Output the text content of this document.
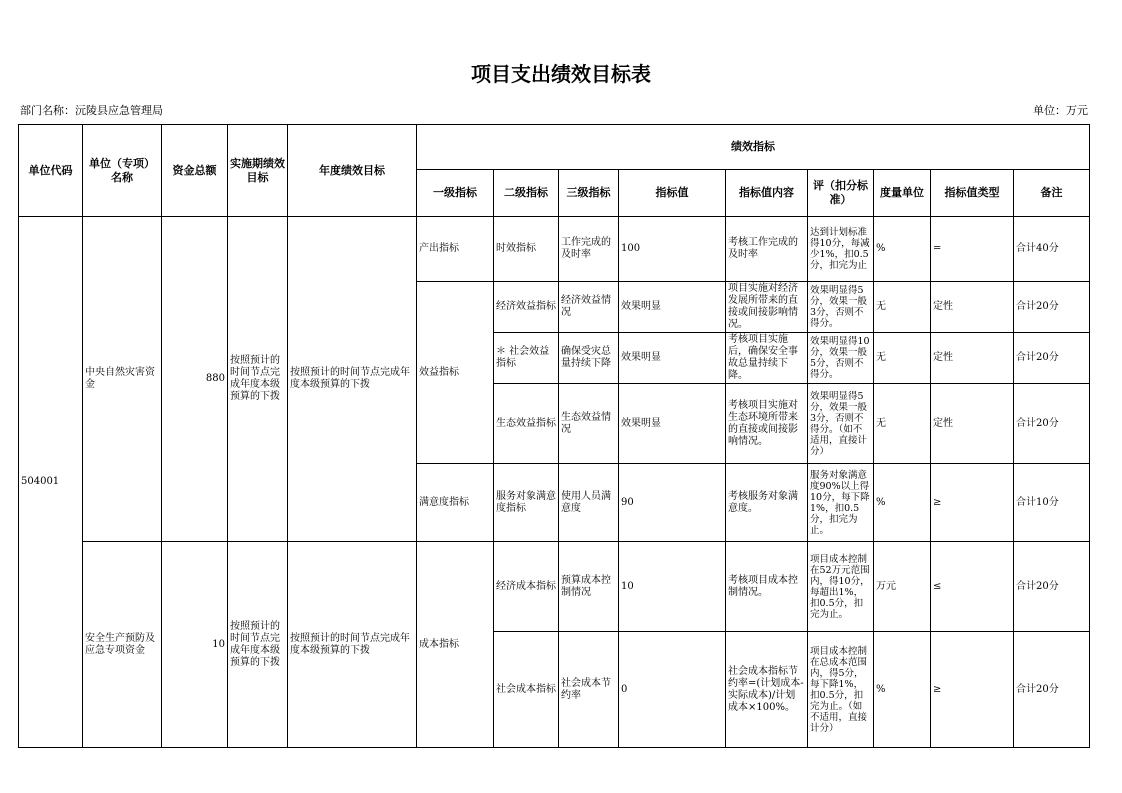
项目支出绩效目标表
部门名称：沅陵县应急管理局	单位：万元
单位代码	单位（专项）名称	资金总额	实施期绩效目标	年度绩效目标	绩效指标								
					一级指标	二级指标	三级指标	指标值	指标值内容	评（扣分标准）	度量单位	指标值类型	备注
504001	中央自然灾害资金	880	按照预计的时间节点完成年度本级预算的下拨	按照预计的时间节点完成年度本级预算的下拨	产出指标	时效指标	工作完成的及时率	100	考核工作完成的及时率	达到计划标准得10分，每减少1%，扣0.5分，扣完为止	%	=	合计40分
					效益指标	经济效益指标	经济效益情况	效果明显	项目实施对经济发展所带来的直接或间接影响情况。	效果明显得5分，效果一般3分，否则不得分。	无	定性	合计20分
						＊ 社会效益指标	确保受灾总量持续下降	效果明显	考核项目实施后，确保安全事故总量持续下降。	效果明显得10分，效果一般5分，否则不得分。	无	定性	合计20分
						生态效益指标	生态效益情况	效果明显	考核项目实施对生态环境所带来的直接或间接影响情况。	效果明显得5分，效果一般3分，否则不得分。（如不适用，直接计分）	无	定性	合计20分
					满意度指标	服务对象满意度指标	使用人员满意度	90	考核服务对象满意度。	服务对象满意度90%以上得10分，每下降1%，扣0.5分，扣完为止。	%	≥	合计10分
	安全生产预防及应急专项资金	10	按照预计的时间节点完成年度本级预算的下拨	按照预计的时间节点完成年度本级预算的下拨	成本指标	经济成本指标	预算成本控制情况	10	考核项目成本控制情况。	项目成本控制在52万元范围内，得10分，每超出1%，扣0.5分，扣完为止。	万元	≤	合计20分
						社会成本指标	社会成本节约率	0	社会成本指标节约率=(计划成本-实际成本)/计划成本×100%。	项目成本控制在总成本范围内，得5分，每下降1%，扣0.5分，扣完为止。（如不适用，直接计分）	%	≥	合计20分
